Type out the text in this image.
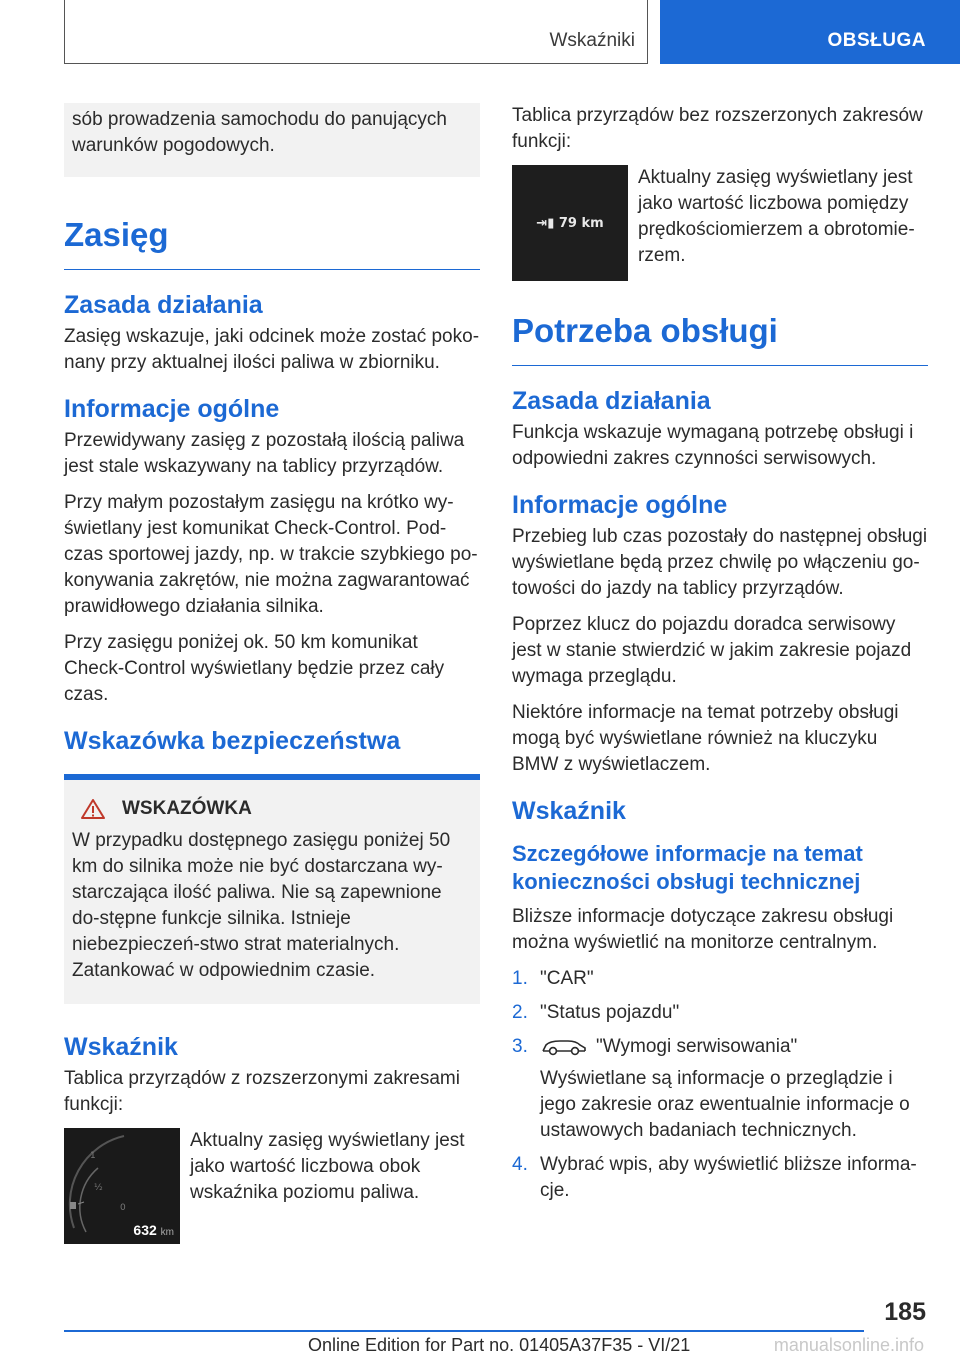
Wskaźniki	OBSŁUGA

sób prowadzenia samochodu do panujących warunków pogodowych.

Zasięg
Zasada działania

Zasięg wskazuje, jaki odcinek może zostać poko-nany przy aktualnej ilości paliwa w zbiorniku.

Informacje ogólne

Przewidywany zasięg z pozostałą ilością paliwa jest stale wskazywany na tablicy przyrządów.

Przy małym pozostałym zasięgu na krótko wy-świetlany jest komunikat Check-Control. Pod-czas sportowej jazdy, np. w trakcie szybkiego po-konywania zakrętów, nie można zagwarantować prawidłowego działania silnika.

Przy zasięgu poniżej ok. 50 km komunikat Check-Control wyświetlany będzie przez cały czas.

Wskazówka bezpieczeństwa
WSKAZÓWKA

W przypadku dostępnego zasięgu poniżej 50 km do silnika może nie być dostarczana wy-starczająca ilość paliwa. Nie są zapewnione do-stępne funkcje silnika. Istnieje niebezpieczeń-stwo strat materialnych. Zatankować w odpowiednim czasie.

Wskaźnik

Tablica przyrządów z rozszerzonymi zakresami funkcji:

1
½
0
632 km

Aktualny zasięg wyświetlany jest jako wartość liczbowa obok wskaźnika poziomu paliwa.

Tablica przyrządów bez rozszerzonych zakresów funkcji:

⇥▮ 79 km

Aktualny zasięg wyświetlany jest jako wartość liczbowa pomiędzy prędkościomierzem a obrotomie-rzem.

Potrzeba obsługi
Zasada działania

Funkcja wskazuje wymaganą potrzebę obsługi i odpowiedni zakres czynności serwisowych.

Informacje ogólne

Przebieg lub czas pozostały do następnej obsługi wyświetlane będą przez chwilę po włączeniu go-towości do jazdy na tablicy przyrządów.

Poprzez klucz do pojazdu doradca serwisowy jest w stanie stwierdzić w jakim zakresie pojazd wymaga przeglądu.

Niektóre informacje na temat potrzeby obsługi mogą być wyświetlane również na kluczyku BMW z wyświetlaczem.

Wskaźnik
Szczegółowe informacje na temat konieczności obsługi technicznej

Bliższe informacje dotyczące zakresu obsługi można wyświetlić na monitorze centralnym.

1. "CAR"
2. "Status pojazdu"
3.	"Wymogi serwisowania"
Wyświetlane są informacje o przeglądzie i jego zakresie oraz ewentualnie informacje o ustawowych badaniach technicznych.
4. Wybrać wpis, aby wyświetlić bliższe informa-cje.
185
Online Edition for Part no. 01405A37F35 - VI/21	manualsonline.info
